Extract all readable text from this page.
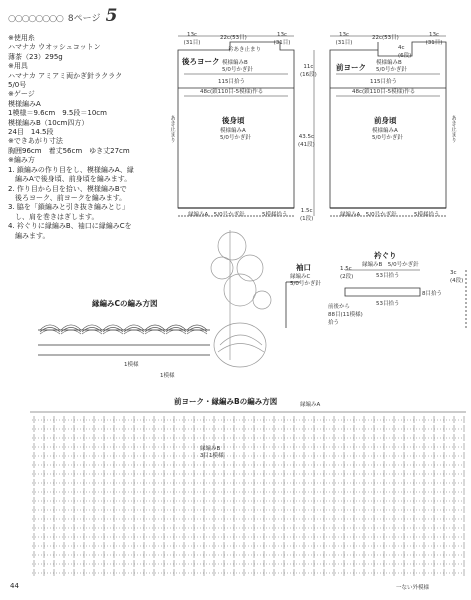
○○○○○○○○ 8ページ 5

※使用糸

ハマナカ ウオッシュコットン

薄茶（23）295g

※用具

ハマナカ アミアミ両かぎ針ラクラク

5/0号

※ゲージ

模様編みA

1模様＝9.6cm　9.5段＝10cm

模様編みB（10cm四方）

24目　14.5段

※できあがり寸法

胸囲96cm　着丈56cm　ゆき丈27cm

※編み方

1. 鎖編みの作り目をし、模様編みA、縁

　編みAで後身頃、前身頃を編みます。

2. 作り目から目を拾い、模様編みBで

　後ろヨーク、前ヨークを編みます。

3. 脇を「鎖編みと引き抜き編みとじ」

　し、肩を巻きはぎします。

4. 衿ぐりに縁編みB、袖口に縁編みCを

　編みます。

13c
(31目)
22c(53目)	13c
(31目)
衿あき止まり
後ろヨーク 模様編みB
5/0号かぎ針
115目拾う
48c(鎖110目-5模様)作る
後身頃
模様編みA
5/0号かぎ針
縁編みA　5/0号かぎ針	5模様拾う
あき止まり
13c
(31目)
22c(53目)	13c
(31目)
4c
(6段)
前ヨーク 模様編みB
5/0号かぎ針
115目拾う
48c(鎖110目-5模様)作る
前身頃
模様編みA
5/0号かぎ針
縁編みA　5/0号かぎ針	5模様拾う
あき止まり
11c
(16段)
43.5c
(41段)
1.5c
(1段)
袖口
縁編みC
5/0号かぎ針
前後から
88目(11模様)
拾う
衿ぐり
縁編みB　5/0号かぎ針
1.5c
(2段)	53目拾う
53目拾う
8目拾う
3c
(4段)
縁編みCの編み方図
1模様
1模様
前ヨーク・縁編みBの編み方図
縁編みB
3目1模様
縁編みA
44	一ない外模様
